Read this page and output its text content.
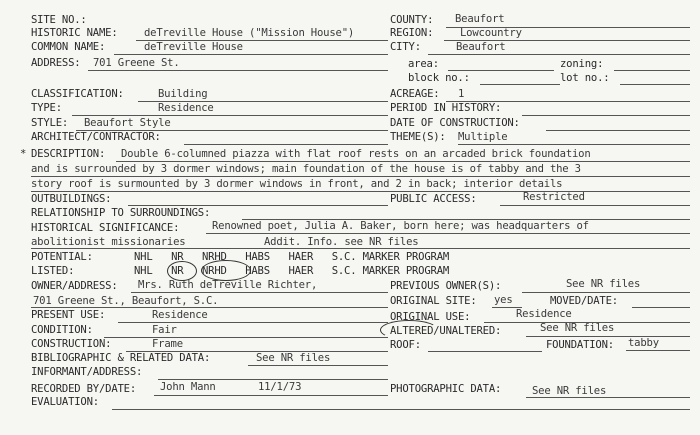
SITE NO.:	COUNTY: Beaufort
HISTORIC NAME:	deTreville House ("Mission House")	REGION:	Lowcountry
COMMON NAME:	deTreville House	CITY:	Beaufort
ADDRESS: 701 Greene St.	area:	zoning:
block no.:	lot no.:
CLASSIFICATION:	Building	ACREAGE: 1
TYPE:	Residence	PERIOD IN HISTORY:
STYLE: Beaufort Style	DATE OF CONSTRUCTION:
ARCHITECT/CONTRACTOR:	THEME(S): Multiple
* DESCRIPTION: Double 6-columned piazza with flat roof rests on an arcaded brick foundation
and is surrounded by 3 dormer windows; main foundation of the house is of tabby and the 3
story roof is surmounted by 3 dormer windows in front, and 2 in back; interior details
OUTBUILDINGS:	PUBLIC ACCESS:	Restricted
RELATIONSHIP TO SURROUNDINGS:
HISTORICAL SIGNIFICANCE:	Renowned poet, Julia A. Baker, born here; was headquarters of
abolitionist missionaries	Addit. Info. see NR files
POTENTIAL:	NHL   NR   NRHD   HABS   HAER   S.C. MARKER PROGRAM
LISTED:	NHL   NR   NRHD   HABS   HAER   S.C. MARKER PROGRAM
OWNER/ADDRESS: Mrs. Ruth deTreville Richter,	PREVIOUS OWNER(S):	See NR files
701 Greene St., Beaufort, S.C.	ORIGINAL SITE: yes	MOVED/DATE:
PRESENT USE:	Residence	ORIGINAL USE:	Residence
CONDITION:	Fair	ALTERED/UNALTERED:	See NR files
CONSTRUCTION:	Frame	ROOF:	FOUNDATION: tabby
BIBLIOGRAPHIC & RELATED DATA:	See NR files
INFORMANT/ADDRESS:
RECORDED BY/DATE: John Mann	11/1/73	PHOTOGRAPHIC DATA:	See NR files
EVALUATION:
